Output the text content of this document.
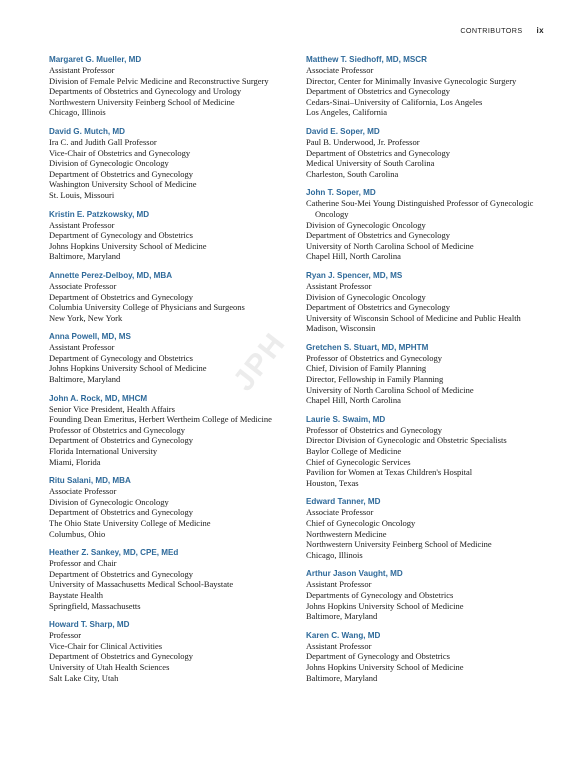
CONTRIBUTORS ix
Margaret G. Mueller, MD
Assistant Professor
Division of Female Pelvic Medicine and Reconstructive Surgery
Departments of Obstetrics and Gynecology and Urology
Northwestern University Feinberg School of Medicine
Chicago, Illinois
David G. Mutch, MD
Ira C. and Judith Gall Professor
Vice-Chair of Obstetrics and Gynecology
Division of Gynecologic Oncology
Department of Obstetrics and Gynecology
Washington University School of Medicine
St. Louis, Missouri
Kristin E. Patzkowsky, MD
Assistant Professor
Department of Gynecology and Obstetrics
Johns Hopkins University School of Medicine
Baltimore, Maryland
Annette Perez-Delboy, MD, MBA
Associate Professor
Department of Obstetrics and Gynecology
Columbia University College of Physicians and Surgeons
New York, New York
Anna Powell, MD, MS
Assistant Professor
Department of Gynecology and Obstetrics
Johns Hopkins University School of Medicine
Baltimore, Maryland
John A. Rock, MD, MHCM
Senior Vice President, Health Affairs
Founding Dean Emeritus, Herbert Wertheim College of Medicine
Professor of Obstetrics and Gynecology
Department of Obstetrics and Gynecology
Florida International University
Miami, Florida
Ritu Salani, MD, MBA
Associate Professor
Division of Gynecologic Oncology
Department of Obstetrics and Gynecology
The Ohio State University College of Medicine
Columbus, Ohio
Heather Z. Sankey, MD, CPE, MEd
Professor and Chair
Department of Obstetrics and Gynecology
University of Massachusetts Medical School-Baystate
Baystate Health
Springfield, Massachusetts
Howard T. Sharp, MD
Professor
Vice-Chair for Clinical Activities
Department of Obstetrics and Gynecology
University of Utah Health Sciences
Salt Lake City, Utah
Matthew T. Siedhoff, MD, MSCR
Associate Professor
Director, Center for Minimally Invasive Gynecologic Surgery
Department of Obstetrics and Gynecology
Cedars-Sinai–University of California, Los Angeles
Los Angeles, California
David E. Soper, MD
Paul B. Underwood, Jr. Professor
Department of Obstetrics and Gynecology
Medical University of South Carolina
Charleston, South Carolina
John T. Soper, MD
Catherine Sou-Mei Young Distinguished Professor of Gynecologic Oncology
Division of Gynecologic Oncology
Department of Obstetrics and Gynecology
University of North Carolina School of Medicine
Chapel Hill, North Carolina
Ryan J. Spencer, MD, MS
Assistant Professor
Division of Gynecologic Oncology
Department of Obstetrics and Gynecology
University of Wisconsin School of Medicine and Public Health
Madison, Wisconsin
Gretchen S. Stuart, MD, MPHTM
Professor of Obstetrics and Gynecology
Chief, Division of Family Planning
Director, Fellowship in Family Planning
University of North Carolina School of Medicine
Chapel Hill, North Carolina
Laurie S. Swaim, MD
Professor of Obstetrics and Gynecology
Director Division of Gynecologic and Obstetric Specialists
Baylor College of Medicine
Chief of Gynecologic Services
Pavilion for Women at Texas Children's Hospital
Houston, Texas
Edward Tanner, MD
Associate Professor
Chief of Gynecologic Oncology
Northwestern Medicine
Northwestern University Feinberg School of Medicine
Chicago, Illinois
Arthur Jason Vaught, MD
Assistant Professor
Departments of Gynecology and Obstetrics
Johns Hopkins University School of Medicine
Baltimore, Maryland
Karen C. Wang, MD
Assistant Professor
Department of Gynecology and Obstetrics
Johns Hopkins University School of Medicine
Baltimore, Maryland
JPH
